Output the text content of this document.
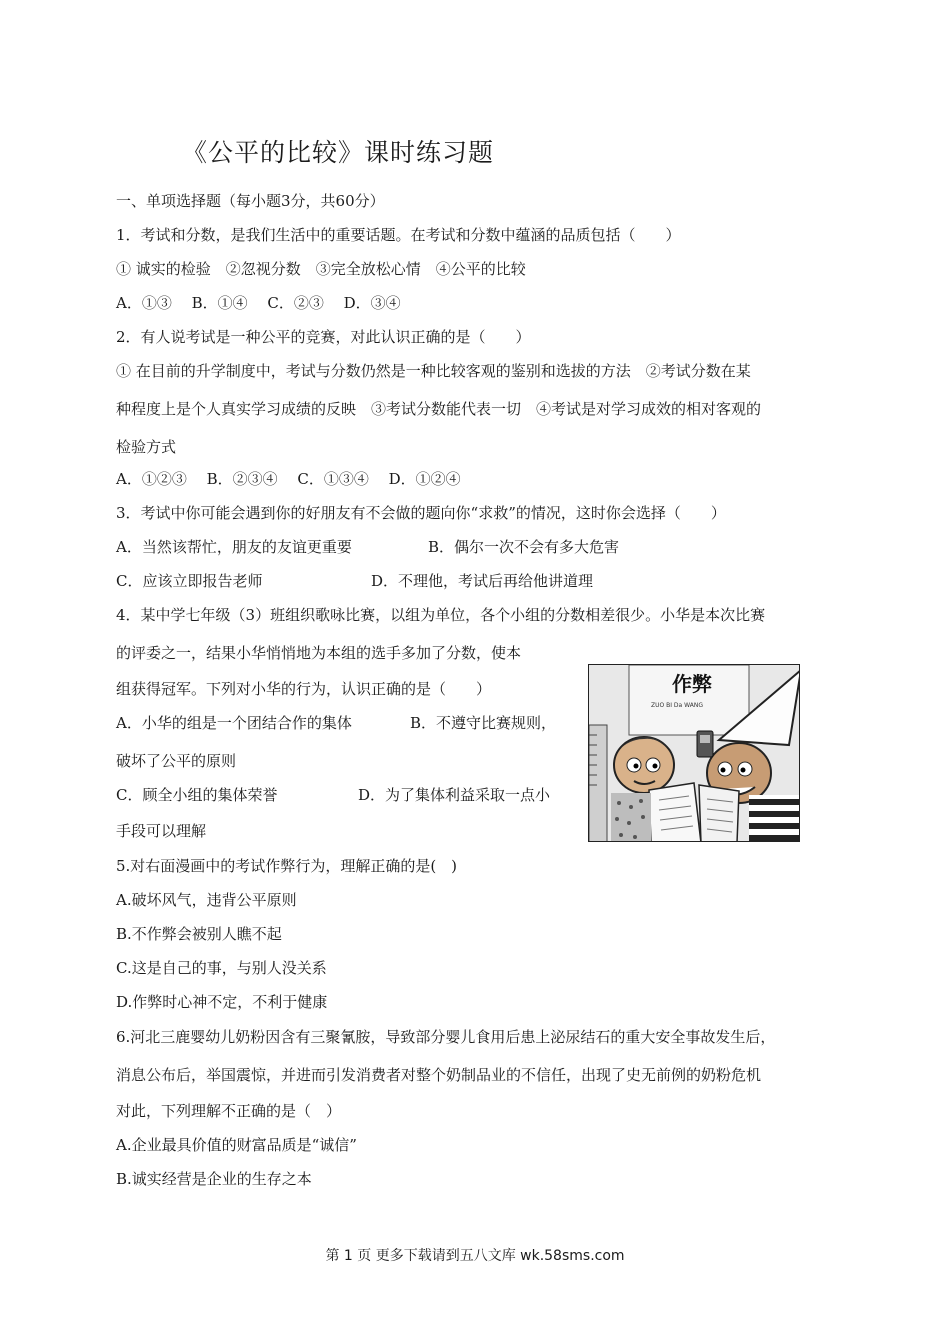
《公平的比较》课时练习题
一、单项选择题（每小题3分，共60分）
1．考试和分数，是我们生活中的重要话题。在考试和分数中蕴涵的品质包括（　　）
① 诚实的检验　②忽视分数　③完全放松心情　④公平的比较
A．①③　 B．①④　 C．②③　 D．③④
2．有人说考试是一种公平的竞赛，对此认识正确的是（　　）
① 在目前的升学制度中，考试与分数仍然是一种比较客观的鉴别和选拔的方法　②考试分数在某
种程度上是个人真实学习成绩的反映　③考试分数能代表一切　④考试是对学习成效的相对客观的
检验方式
A．①②③　 B．②③④　 C．①③④　 D．①②④
3．考试中你可能会遇到你的好朋友有不会做的题向你“求救”的情况，这时你会选择（　　）
A．当然该帮忙，朋友的友谊更重要	B．偶尔一次不会有多大危害
C．应该立即报告老师	D．不理他，考试后再给他讲道理
4．某中学七年级（3）班组织歌咏比赛，以组为单位，各个小组的分数相差很少。小华是本次比赛
的评委之一，结果小华悄悄地为本组的选手多加了分数，使本
组获得冠军。下列对小华的行为，认识正确的是（　　）
A．小华的组是一个团结合作的集体	B．不遵守比赛规则，
破坏了公平的原则
C．顾全小组的集体荣誉	D．为了集体利益采取一点小
手段可以理解
作弊
ZUO BI Da WANG
5.对右面漫画中的考试作弊行为，理解正确的是(　)
A.破坏风气，违背公平原则
B.不作弊会被别人瞧不起
C.这是自己的事，与别人没关系
D.作弊时心神不定，不利于健康
6.河北三鹿婴幼儿奶粉因含有三聚氰胺，导致部分婴儿食用后患上泌尿结石的重大安全事故发生后，
消息公布后，举国震惊，并进而引发消费者对整个奶制品业的不信任，出现了史无前例的奶粉危机
对此，下列理解不正确的是（　）
A.企业最具价值的财富品质是“诚信”
B.诚实经营是企业的生存之本
第 1 页 更多下载请到五八文库 wk.58sms.com
